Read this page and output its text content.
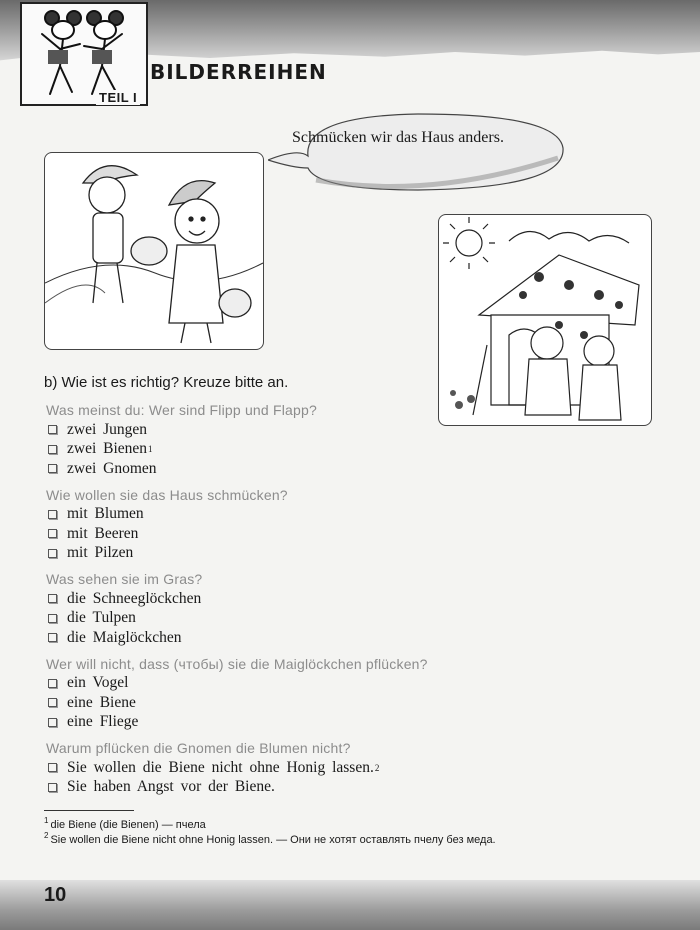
TEIL I
BILDERREIHEN
Schmücken wir das Haus anders.
b) Wie ist es richtig? Kreuze bitte an.
Was meinst du: Wer sind Flipp und Flapp?
zwei Jungen
zwei Bienen 1
zwei Gnomen
Wie wollen sie das Haus schmücken?
mit Blumen
mit Beeren
mit Pilzen
Was sehen sie im Gras?
die Schneeglöckchen
die Tulpen
die Maiglöckchen
Wer will nicht, dass (чтобы) sie die Maiglöckchen pflücken?
ein Vogel
eine Biene
eine Fliege
Warum pflücken die Gnomen die Blumen nicht?
Sie wollen die Biene nicht ohne Honig lassen. 2
Sie haben Angst vor der Biene.
$^1$ die Biene (die Bienen) — пчела
$^2$ Sie wollen die Biene nicht ohne Honig lassen. — Они не хотят оставлять пчелу без меда.
10
